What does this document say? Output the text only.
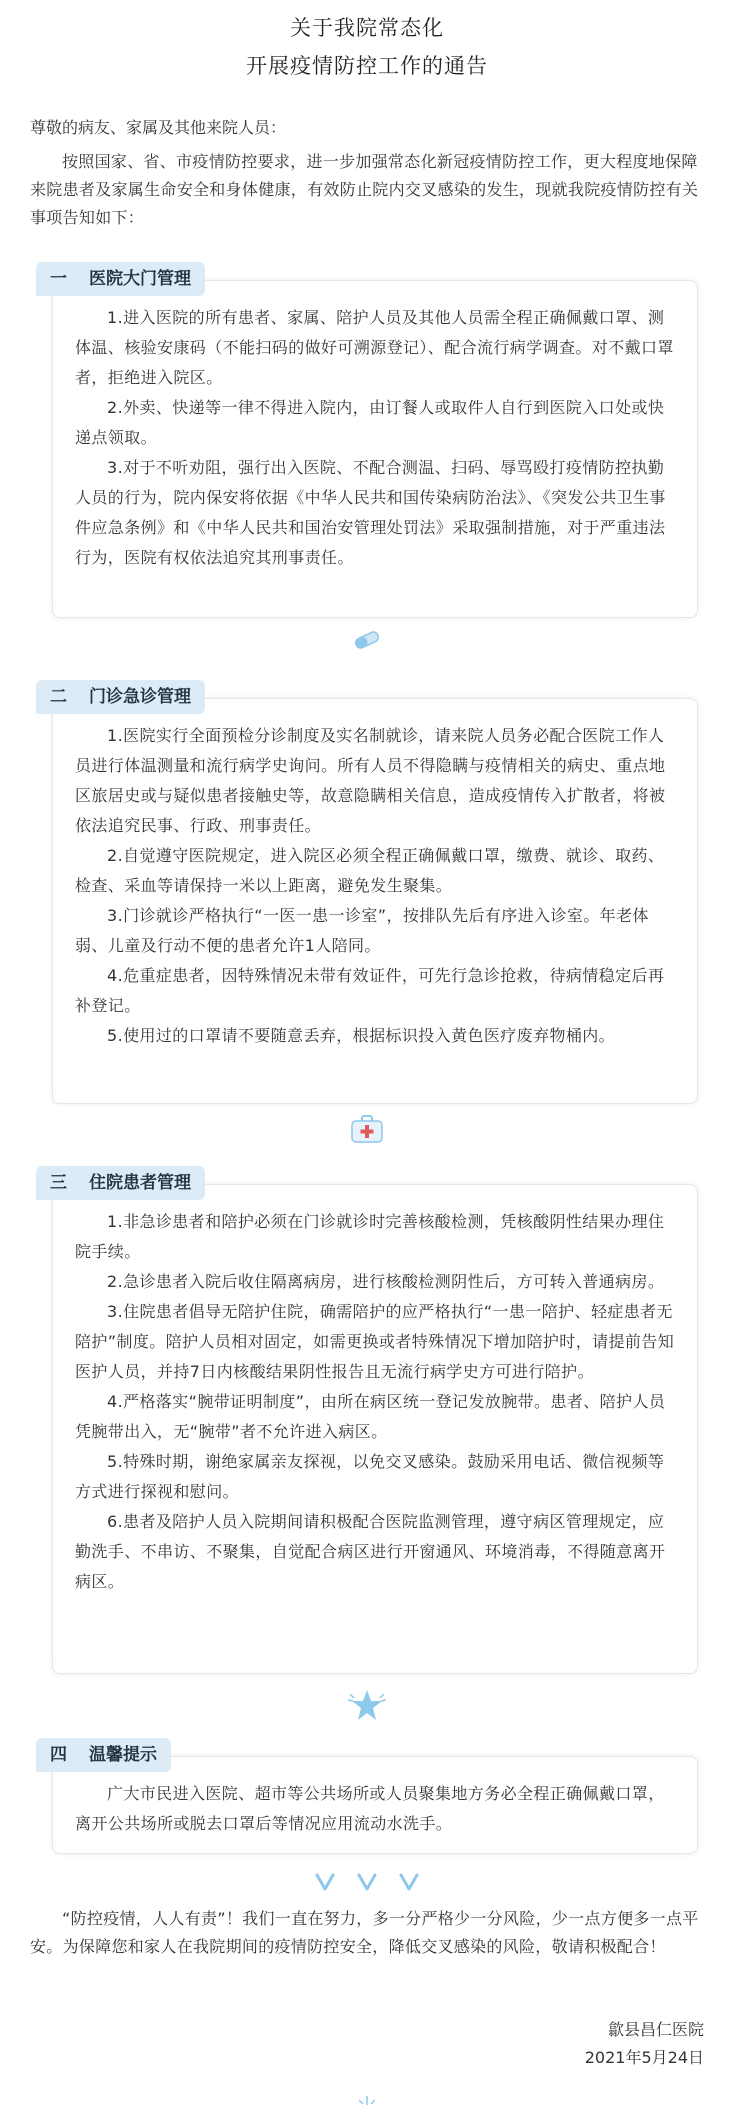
关于我院常态化
开展疫情防控工作的通告
尊敬的病友、家属及其他来院人员：
按照国家、省、市疫情防控要求，进一步加强常态化新冠疫情防控工作，更大程度地保障来院患者及家属生命安全和身体健康，有效防止院内交叉感染的发生，现就我院疫情防控有关事项告知如下：
一 医院大门管理

1.进入医院的所有患者、家属、陪护人员及其他人员需全程正确佩戴口罩、测体温、核验安康码（不能扫码的做好可溯源登记）、配合流行病学调查。对不戴口罩者，拒绝进入院区。

2.外卖、快递等一律不得进入院内，由订餐人或取件人自行到医院入口处或快递点领取。

3.对于不听劝阻，强行出入医院、不配合测温、扫码、辱骂殴打疫情防控执勤人员的行为，院内保安将依据《中华人民共和国传染病防治法》、《突发公共卫生事件应急条例》和《中华人民共和国治安管理处罚法》采取强制措施，对于严重违法行为，医院有权依法追究其刑事责任。

二 门诊急诊管理

1.医院实行全面预检分诊制度及实名制就诊，请来院人员务必配合医院工作人员进行体温测量和流行病学史询问。所有人员不得隐瞒与疫情相关的病史、重点地区旅居史或与疑似患者接触史等，故意隐瞒相关信息，造成疫情传入扩散者，将被依法追究民事、行政、刑事责任。

2.自觉遵守医院规定，进入院区必须全程正确佩戴口罩，缴费、就诊、取药、检查、采血等请保持一米以上距离，避免发生聚集。

3.门诊就诊严格执行“一医一患一诊室”，按排队先后有序进入诊室。年老体弱、儿童及行动不便的患者允许1人陪同。

4.危重症患者，因特殊情况未带有效证件，可先行急诊抢救，待病情稳定后再补登记。

5.使用过的口罩请不要随意丢弃，根据标识投入黄色医疗废弃物桶内。

三 住院患者管理

1.非急诊患者和陪护必须在门诊就诊时完善核酸检测，凭核酸阴性结果办理住院手续。

2.急诊患者入院后收住隔离病房，进行核酸检测阴性后，方可转入普通病房。

3.住院患者倡导无陪护住院，确需陪护的应严格执行“一患一陪护、轻症患者无陪护”制度。陪护人员相对固定，如需更换或者特殊情况下增加陪护时，请提前告知医护人员，并持7日内核酸结果阴性报告且无流行病学史方可进行陪护。

4.严格落实“腕带证明制度”，由所在病区统一登记发放腕带。患者、陪护人员凭腕带出入，无“腕带”者不允许进入病区。

5.特殊时期，谢绝家属亲友探视，以免交叉感染。鼓励采用电话、微信视频等方式进行探视和慰问。

6.患者及陪护人员入院期间请积极配合医院监测管理，遵守病区管理规定，应勤洗手、不串访、不聚集，自觉配合病区进行开窗通风、环境消毒，不得随意离开病区。

四 温馨提示

广大市民进入医院、超市等公共场所或人员聚集地方务必全程正确佩戴口罩，离开公共场所或脱去口罩后等情况应用流动水洗手。

“防控疫情，人人有责”！我们一直在努力，多一分严格少一分风险，少一点方便多一点平安。为保障您和家人在我院期间的疫情防控安全，降低交叉感染的风险，敬请积极配合！
歙县昌仁医院
2021年5月24日
